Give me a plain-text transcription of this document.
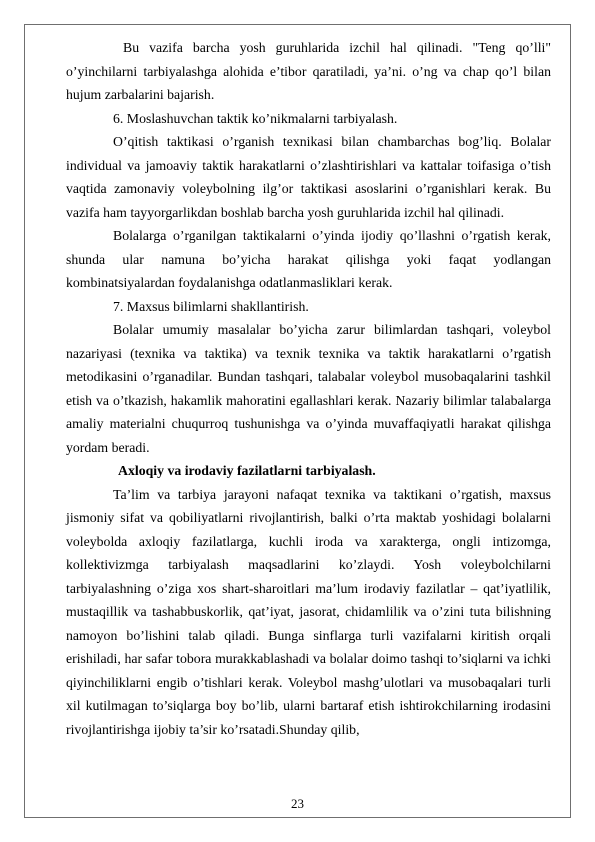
Bu vazifa barcha yosh guruhlarida izchil hal qilinadi. "Teng qo’lli" o’yinchilarni tarbiyalashga alohida e’tibor qaratiladi, ya’ni. o’ng va chap qo’l bilan hujum zarbalarini bajarish.

6. Moslashuvchan taktik ko’nikmalarni tarbiyalash.

O’qitish taktikasi o’rganish texnikasi bilan chambarchas bog’liq. Bolalar individual va jamoaviy taktik harakatlarni o’zlashtirishlari va kattalar toifasiga o’tish vaqtida zamonaviy voleybolning ilg’or taktikasi asoslarini o’rganishlari kerak. Bu vazifa ham tayyorgarlikdan boshlab barcha yosh guruhlarida izchil hal qilinadi.

Bolalarga o’rganilgan taktikalarni o’yinda ijodiy qo’llashni o’rgatish kerak, shunda ular namuna bo’yicha harakat qilishga yoki faqat yodlangan kombinatsiyalardan foydalanishga odatlanmasliklari kerak.

7. Maxsus bilimlarni shakllantirish.

Bolalar umumiy masalalar bo’yicha zarur bilimlardan tashqari, voleybol nazariyasi (texnika va taktika) va texnik texnika va taktik harakatlarni o’rgatish metodikasini o’rganadilar. Bundan tashqari, talabalar voleybol musobaqalarini tashkil etish va o’tkazish, hakamlik mahoratini egallashlari kerak. Nazariy bilimlar talabalarga amaliy materialni chuqurroq tushunishga va o’yinda muvaffaqiyatli harakat qilishga yordam beradi.

Axloqiy va irodaviy fazilatlarni tarbiyalash.

Ta’lim va tarbiya jarayoni nafaqat texnika va taktikani o’rgatish, maxsus jismoniy sifat va qobiliyatlarni rivojlantirish, balki o’rta maktab yoshidagi bolalarni voleybolda axloqiy fazilatlarga, kuchli iroda va xarakterga, ongli intizomga, kollektivizmga tarbiyalash maqsadlarini ko’zlaydi. Yosh voleybolchilarni tarbiyalashning o’ziga xos shart-sharoitlari ma’lum irodaviy fazilatlar – qat’iyatlilik, mustaqillik va tashabbuskorlik, qat’iyat, jasorat, chidamlilik va o’zini tuta bilishning namoyon bo’lishini talab qiladi. Bunga sinflarga turli vazifalarni kiritish orqali erishiladi, har safar tobora murakkablashadi va bolalar doimo tashqi to’siqlarni va ichki qiyinchiliklarni engib o’tishlari kerak. Voleybol mashg’ulotlari va musobaqalari turli xil kutilmagan to’siqlarga boy bo’lib, ularni bartaraf etish ishtirokchilarning irodasini rivojlantirishga ijobiy ta’sir ko’rsatadi.Shunday qilib,

23
